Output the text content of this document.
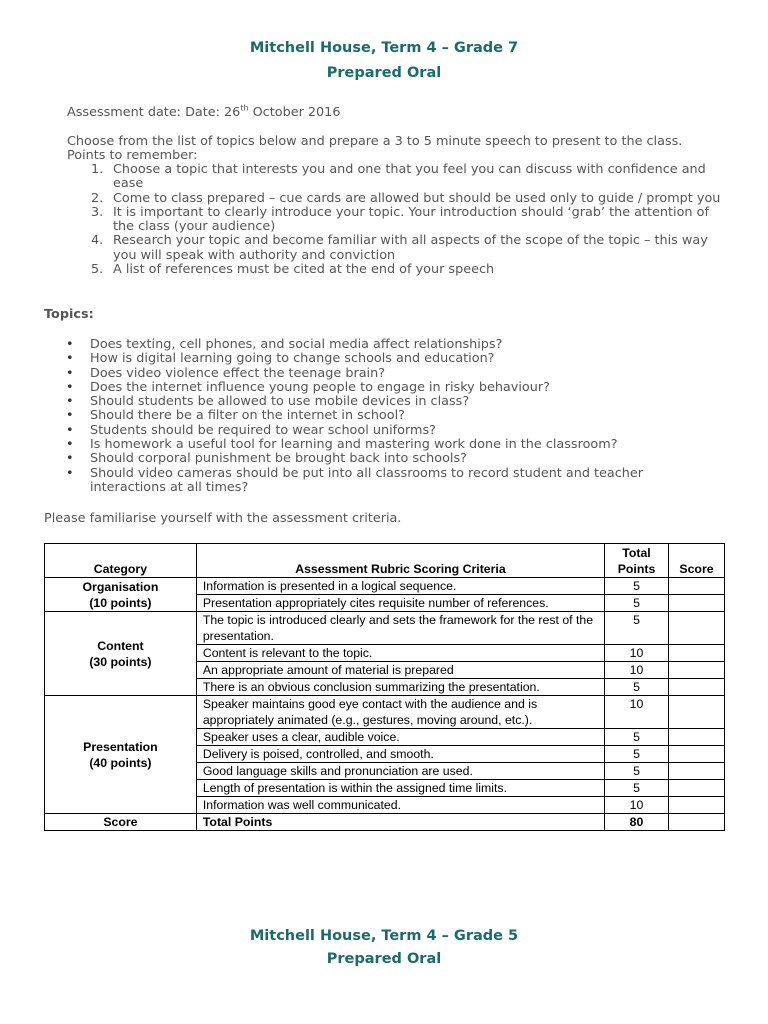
Mitchell House, Term 4 – Grade 7
Prepared Oral
Assessment date: Date: 26th October 2016
Choose from the list of topics below and prepare a 3 to 5 minute speech to present to the class.
Points to remember:
1. Choose a topic that interests you and one that you feel you can discuss with confidence and ease
2. Come to class prepared – cue cards are allowed but should be used only to guide / prompt you
3. It is important to clearly introduce your topic. Your introduction should ‘grab’ the attention of the class (your audience)
4. Research your topic and become familiar with all aspects of the scope of the topic – this way you will speak with authority and conviction
5. A list of references must be cited at the end of your speech
Topics:
• Does texting, cell phones, and social media affect relationships?
• How is digital learning going to change schools and education?
• Does video violence effect the teenage brain?
• Does the internet influence young people to engage in risky behaviour?
• Should students be allowed to use mobile devices in class?
• Should there be a filter on the internet in school?
• Students should be required to wear school uniforms?
• Is homework a useful tool for learning and mastering work done in the classroom?
• Should corporal punishment be brought back into schools?
• Should video cameras should be put into all classrooms to record student and teacher interactions at all times?
Please familiarise yourself with the assessment criteria.
Category	Assessment Rubric Scoring Criteria	Total Points	Score
Organisation
(10 points)	Information is presented in a logical sequence.	5	
	Presentation appropriately cites requisite number of references.	5	
Content
(30 points)	The topic is introduced clearly and sets the framework for the rest of the presentation.	5	
	Content is relevant to the topic.	10	
	An appropriate amount of material is prepared	10	
	There is an obvious conclusion summarizing the presentation.	5	
Presentation
(40 points)	Speaker maintains good eye contact with the audience and is appropriately animated (e.g., gestures, moving around, etc.).	10	
	Speaker uses a clear, audible voice.	5	
	Delivery is poised, controlled, and smooth.	5	
	Good language skills and pronunciation are used.	5	
	Length of presentation is within the assigned time limits.	5	
	Information was well communicated.	10	
Score	Total Points	80	
Mitchell House, Term 4 – Grade 5
Prepared Oral
